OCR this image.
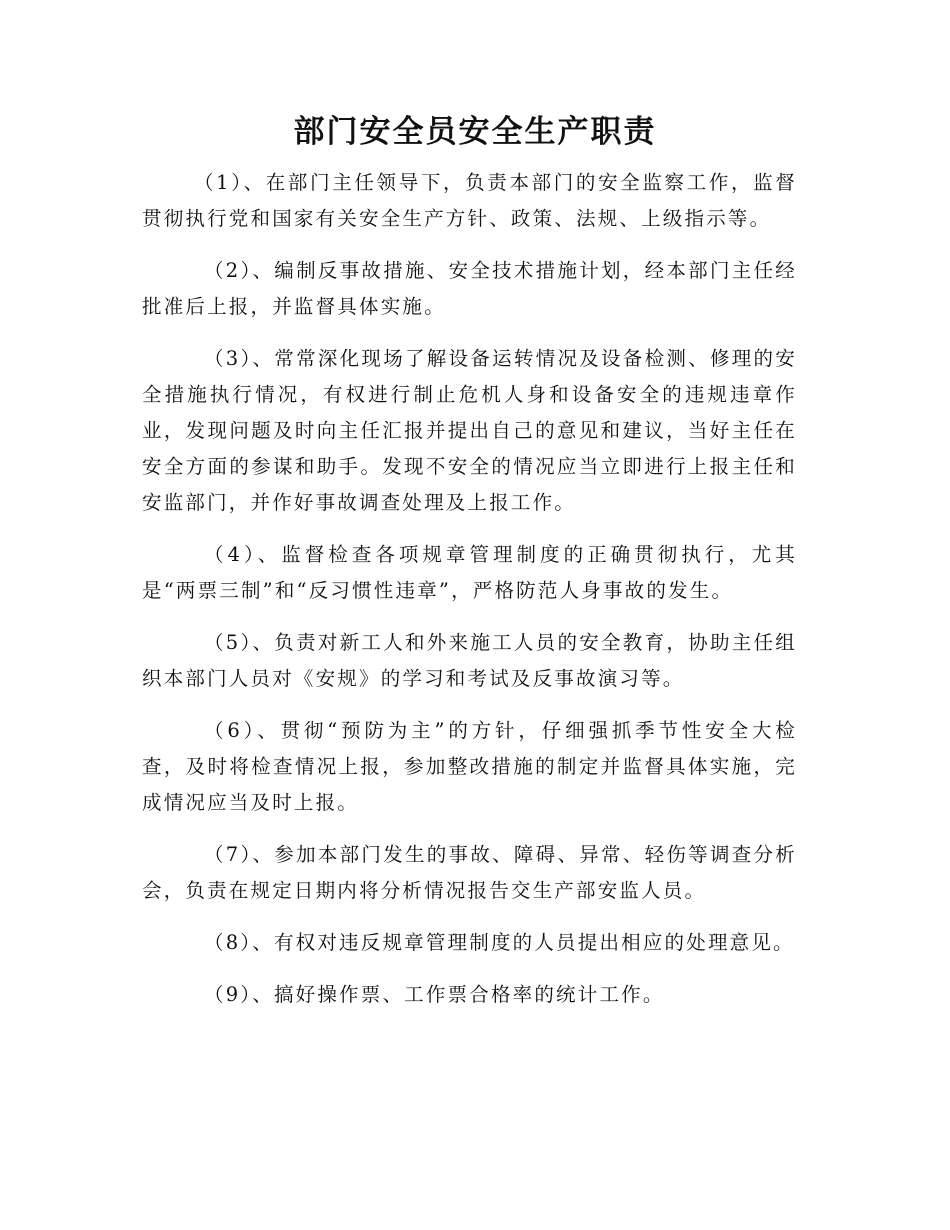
部门安全员安全生产职责

（1）、在部门主任领导下，负责本部门的安全监察工作，监督贯彻执行党和国家有关安全生产方针、政策、法规、上级指示等。

（2）、编制反事故措施、安全技术措施计划，经本部门主任经批准后上报，并监督具体实施。

（3）、常常深化现场了解设备运转情况及设备检测、修理的安全措施执行情况，有权进行制止危机人身和设备安全的违规违章作业，发现问题及时向主任汇报并提出自己的意见和建议，当好主任在安全方面的参谋和助手。发现不安全的情况应当立即进行上报主任和安监部门，并作好事故调查处理及上报工作。

（4）、监督检查各项规章管理制度的正确贯彻执行，尤其是“两票三制”和“反习惯性违章”，严格防范人身事故的发生。

（5）、负责对新工人和外来施工人员的安全教育，协助主任组织本部门人员对《安规》的学习和考试及反事故演习等。

（6）、贯彻“预防为主”的方针，仔细强抓季节性安全大检查，及时将检查情况上报，参加整改措施的制定并监督具体实施，完成情况应当及时上报。

（7）、参加本部门发生的事故、障碍、异常、轻伤等调查分析会，负责在规定日期内将分析情况报告交生产部安监人员。

（8）、有权对违反规章管理制度的人员提出相应的处理意见。

（9）、搞好操作票、工作票合格率的统计工作。
